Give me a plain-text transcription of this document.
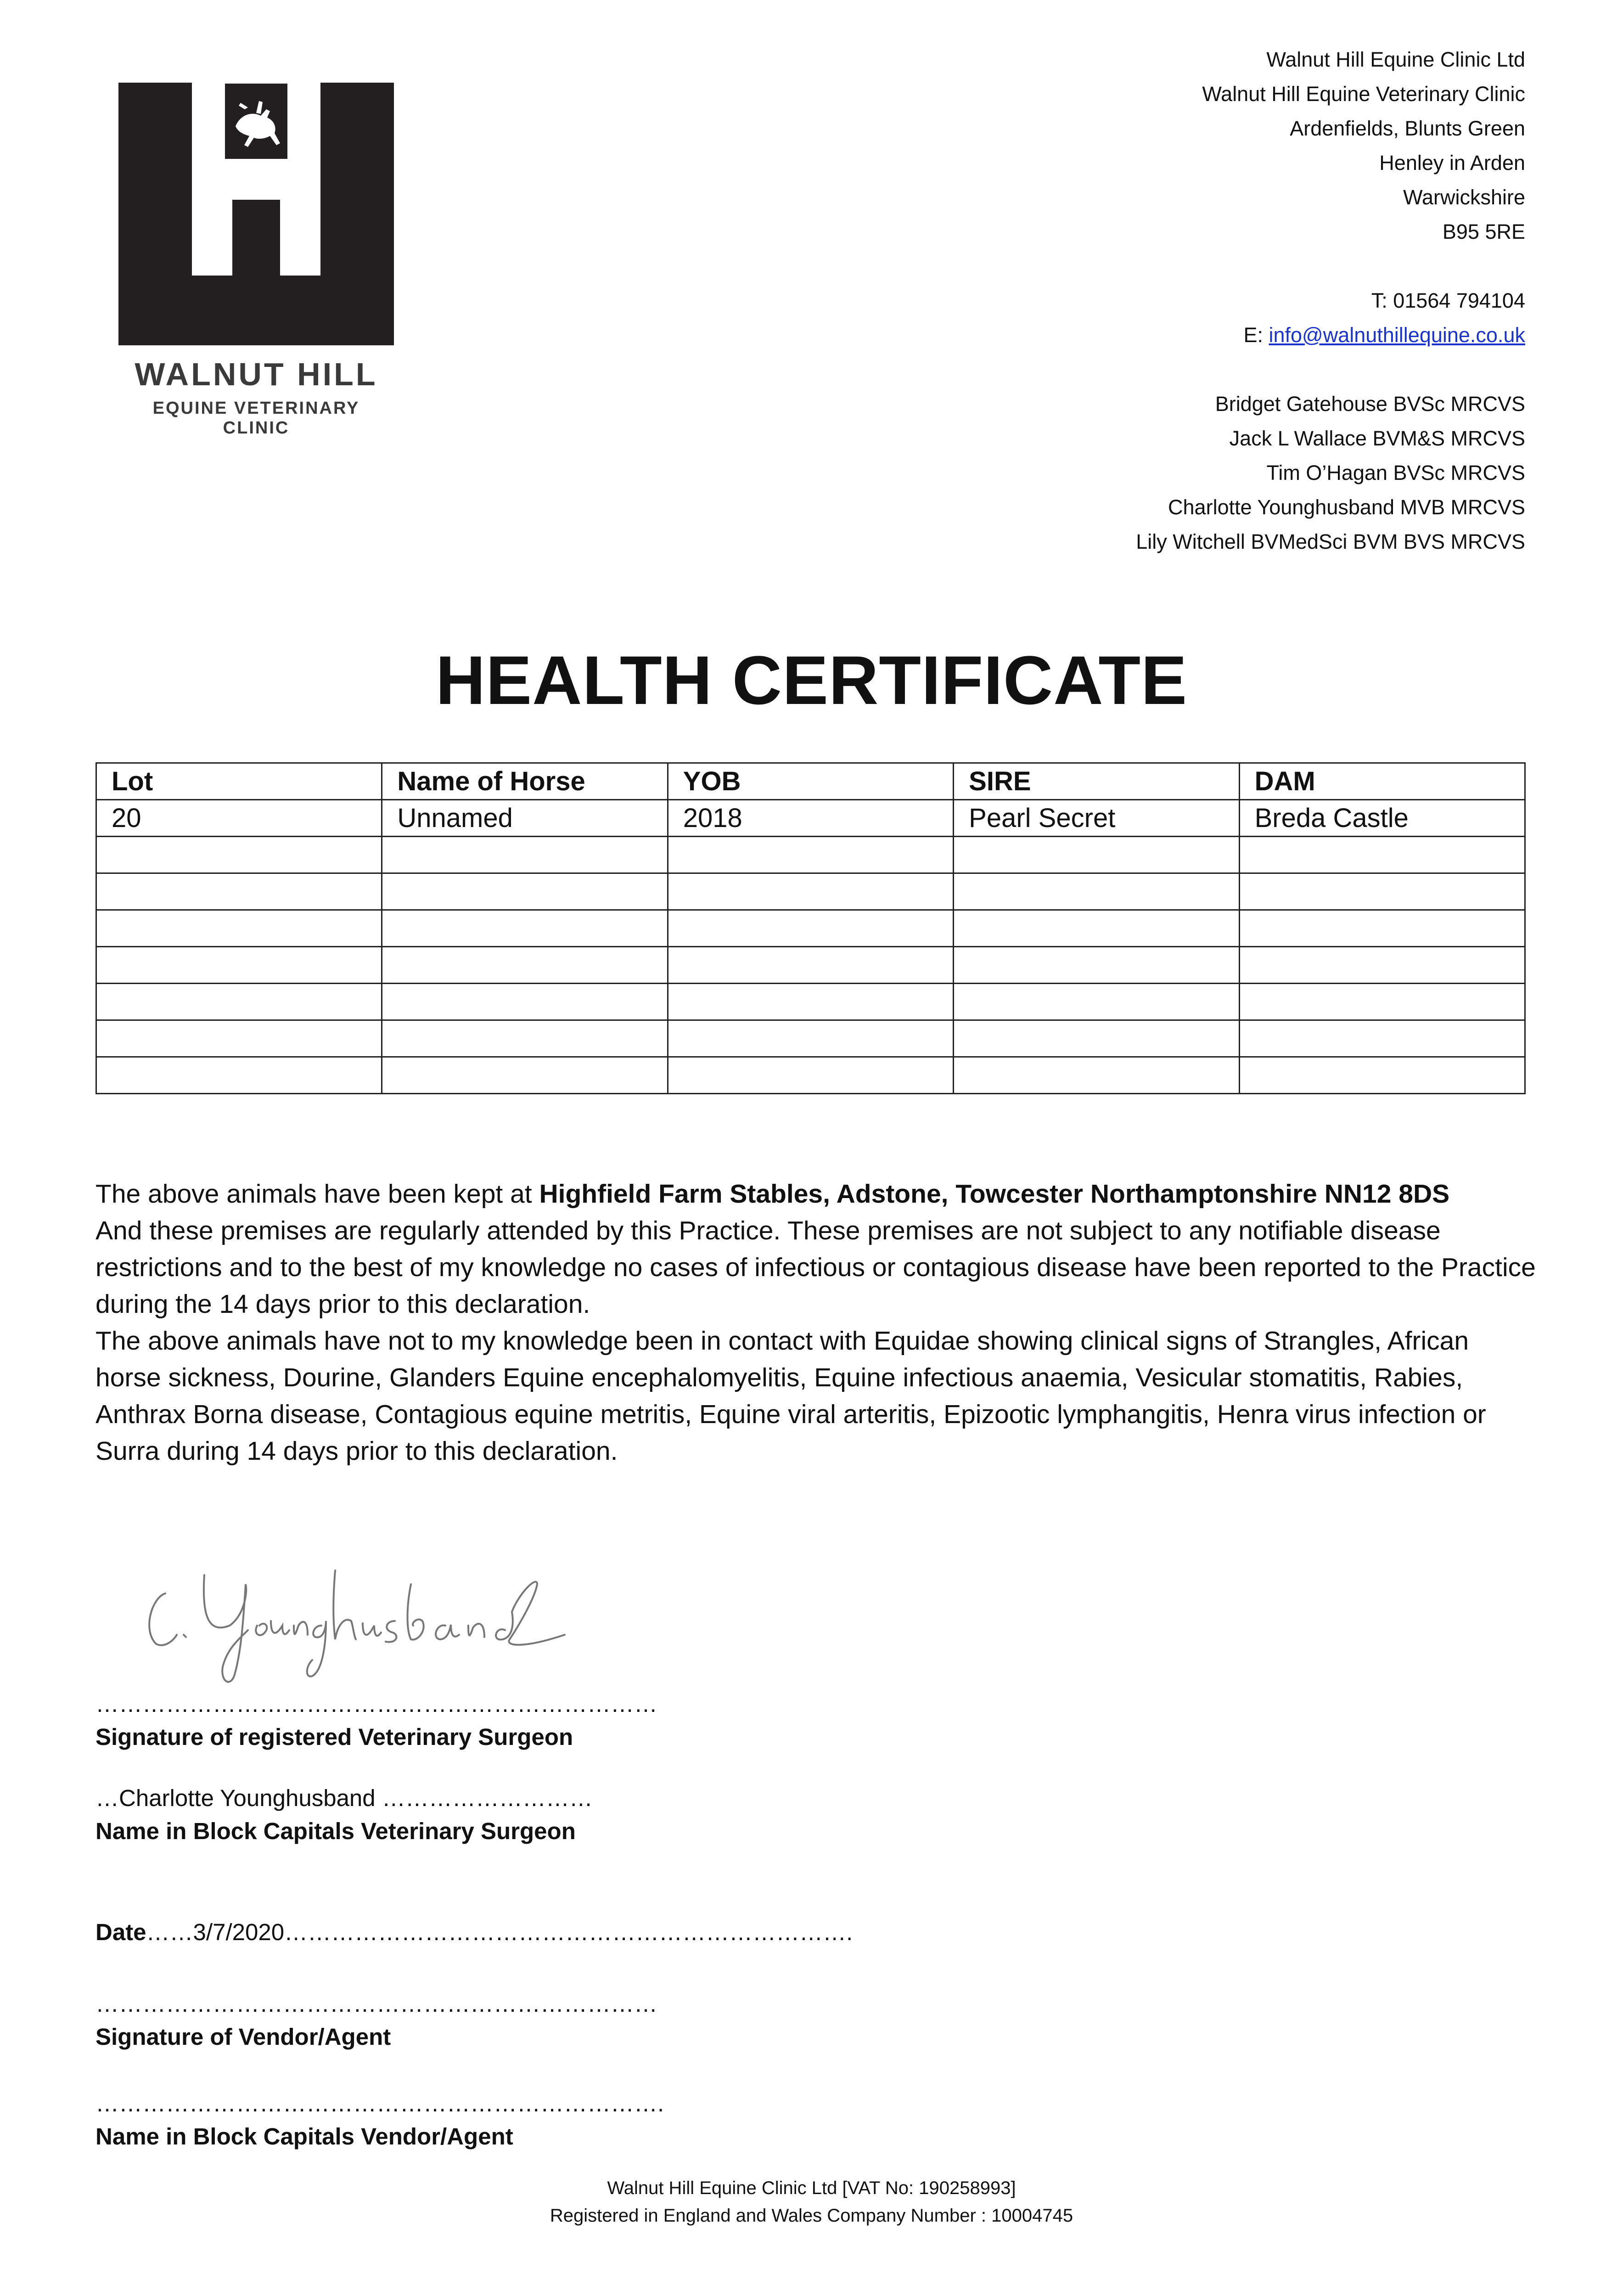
WALNUT HILL
EQUINE VETERINARY CLINIC
Walnut Hill Equine Clinic Ltd
Walnut Hill Equine Veterinary Clinic
Ardenfields, Blunts Green
Henley in Arden
Warwickshire
B95 5RE
T: 01564 794104
E: info@walnuthillequine.co.uk
Bridget Gatehouse BVSc MRCVS
Jack L Wallace BVM&S MRCVS
Tim O’Hagan BVSc MRCVS
Charlotte Younghusband MVB MRCVS
Lily Witchell BVMedSci BVM BVS MRCVS
HEALTH CERTIFICATE
Lot	Name of Horse	YOB	SIRE	DAM
20	Unnamed	2018	Pearl Secret	Breda Castle

The above animals have been kept at Highfield Farm Stables, Adstone, Towcester Northamptonshire NN12 8DS
And these premises are regularly attended by this Practice. These premises are not subject to any notifiable disease restrictions and to the best of my knowledge no cases of infectious or contagious disease have been reported to the Practice during the 14 days prior to this declaration.

The above animals have not to my knowledge been in contact with Equidae showing clinical signs of Strangles, African horse sickness, Dourine, Glanders Equine encephalomyelitis, Equine infectious anaemia, Vesicular stomatitis, Rabies, Anthrax Borna disease, Contagious equine metritis, Equine viral arteritis, Epizootic lymphangitis, Henra virus infection or Surra during 14 days prior to this declaration.

………………………………………………………………
Signature of registered Veterinary Surgeon
…Charlotte Younghusband ………………………
Name in Block Capitals Veterinary Surgeon
Date……3/7/2020……………………………………………………………….
………………………………………………………………
Signature of Vendor/Agent
……………………………………………………………….
Name in Block Capitals Vendor/Agent
Walnut Hill Equine Clinic Ltd [VAT No: 190258993]
Registered in England and Wales Company Number : 10004745
